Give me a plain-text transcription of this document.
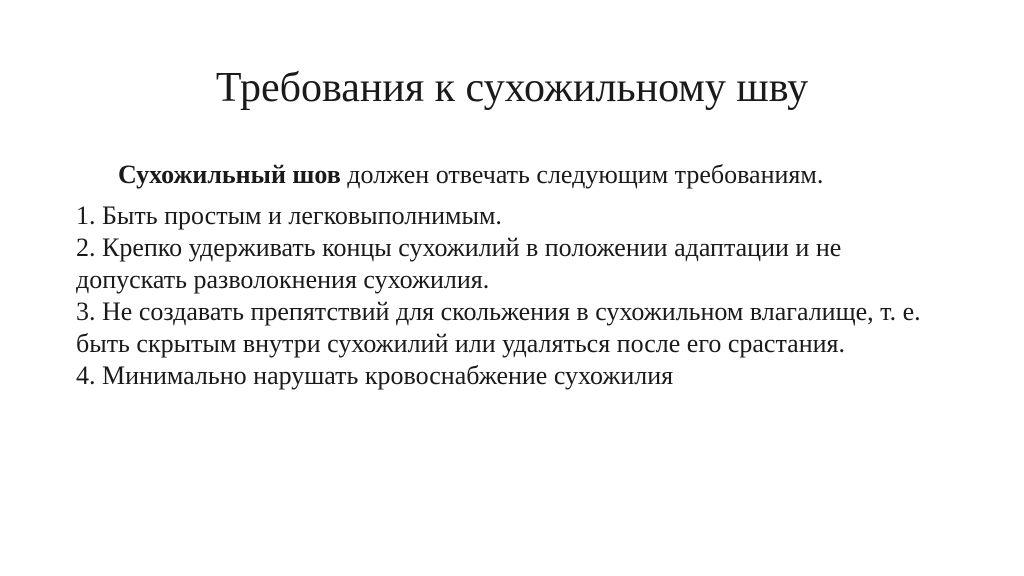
Требования к сухожильному шву
Сухожильный шов должен отвечать следующим требованиям.
1. Быть простым и легковыполнимым.
2. Крепко удерживать концы сухожилий в положении адаптации и не допускать разволокнения сухожилия.
3. Не создавать препятствий для скольжения в сухожильном влагалище, т. е. быть скрытым внутри сухожилий или удаляться после его срастания.
4. Минимально нарушать кровоснабжение сухожилия
